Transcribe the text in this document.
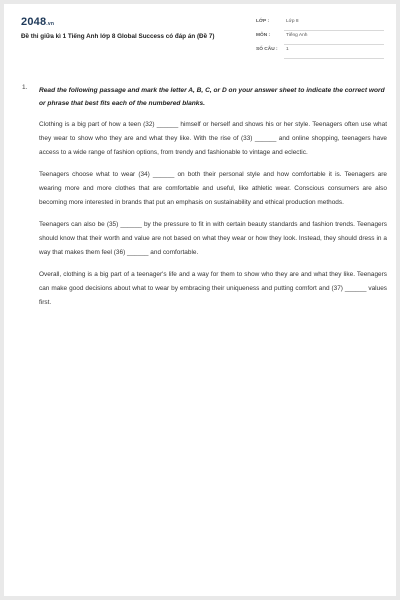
2048.vn
Đề thi giữa kì 1 Tiếng Anh lớp 8 Global Success có đáp án (Đề 7)
LỚP :	Lớp 8
MÔN :	Tiếng Anh
SỐ CÂU : 1
1. Read the following passage and mark the letter A, B, C, or D on your answer sheet to indicate the correct word or phrase that best fits each of the numbered blanks.

Clothing is a big part of how a teen (32) ______ himself or herself and shows his or her style. Teenagers often use what they wear to show who they are and what they like. With the rise of (33) ______ and online shopping, teenagers have access to a wide range of fashion options, from trendy and fashionable to vintage and eclectic.

Teenagers choose what to wear (34) ______ on both their personal style and how comfortable it is. Teenagers are wearing more and more clothes that are comfortable and useful, like athletic wear. Conscious consumers are also becoming more interested in brands that put an emphasis on sustainability and ethical production methods.

Teenagers can also be (35) ______ by the pressure to fit in with certain beauty standards and fashion trends. Teenagers should know that their worth and value are not based on what they wear or how they look. Instead, they should dress in a way that makes them feel (36) ______ and comfortable.

Overall, clothing is a big part of a teenager's life and a way for them to show who they are and what they like. Teenagers can make good decisions about what to wear by embracing their uniqueness and putting comfort and (37) ______ values first.
